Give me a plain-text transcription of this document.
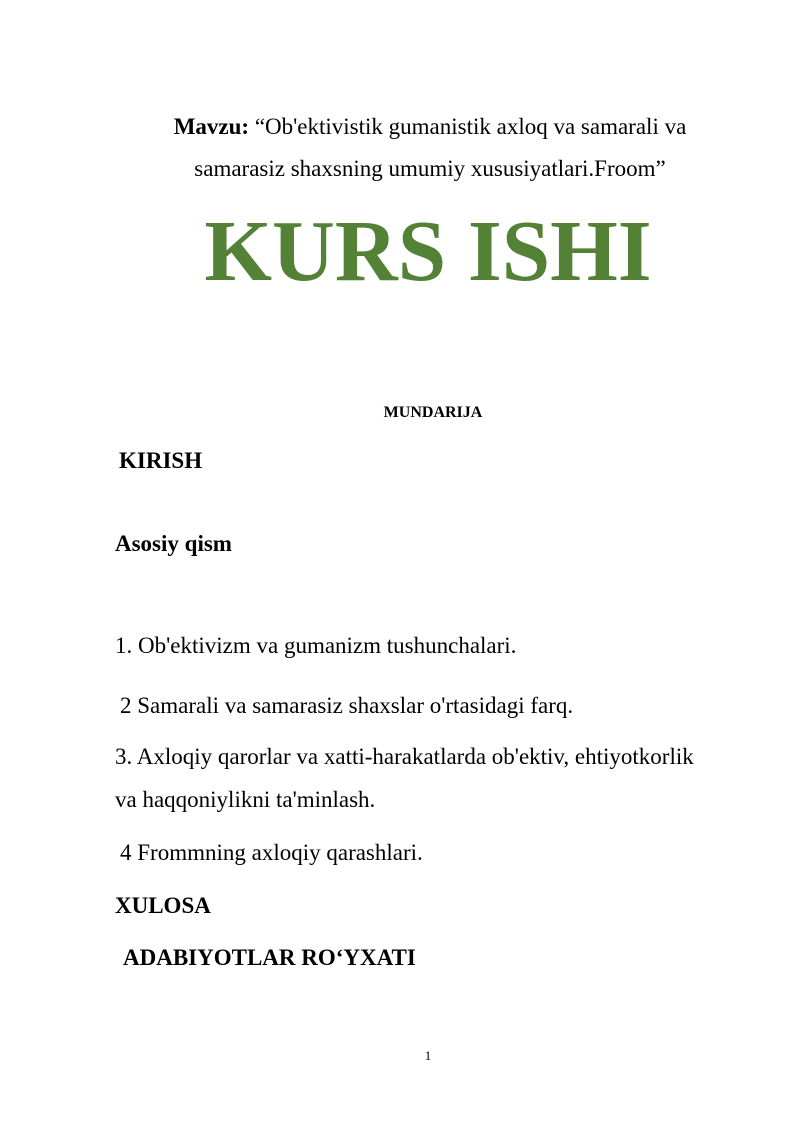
Mavzu: “Ob'ektivistik gumanistik axloq va samarali va
samarasiz shaxsning umumiy xususiyatlari.Froom”
KURS ISHI
MUNDARIJA
KIRISH
Asosiy qism
1. Ob'ektivizm va gumanizm tushunchalari.
2 Samarali va samarasiz shaxslar o'rtasidagi farq.
3. Axloqiy qarorlar va xatti-harakatlarda ob'ektiv, ehtiyotkorlik
va haqqoniylikni ta'minlash.
4 Frommning axloqiy qarashlari.
XULOSA
ADABIYOTLAR RO‘YXATI
1
